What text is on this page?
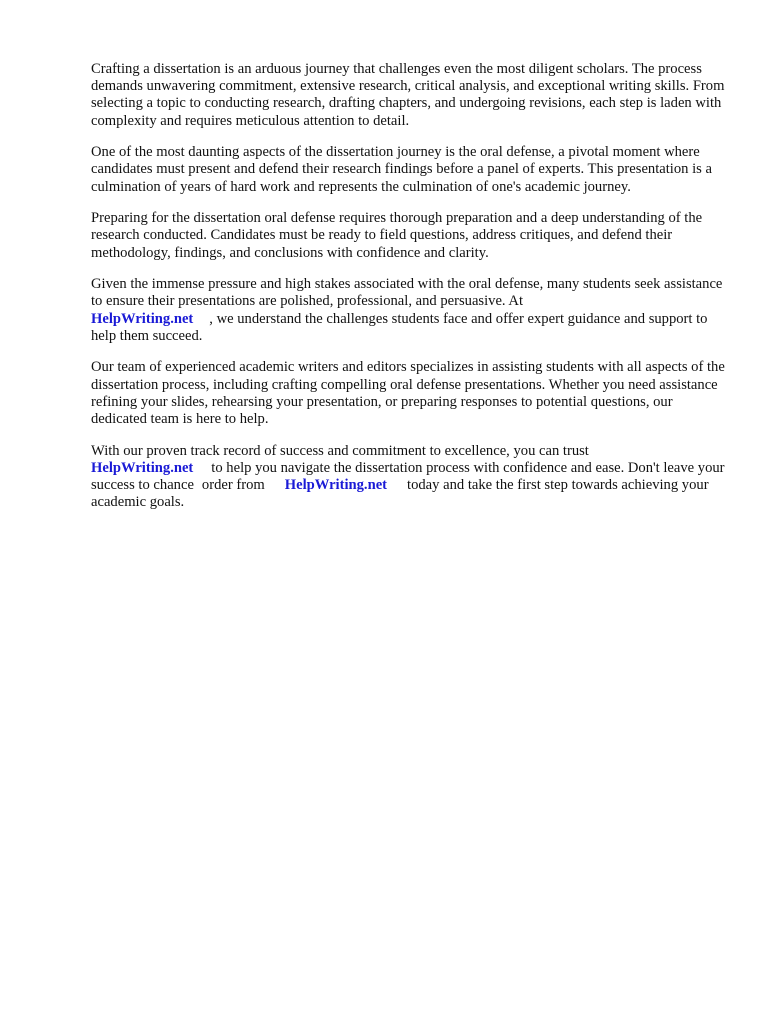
Crafting a dissertation is an arduous journey that challenges even the most diligent scholars. The process demands unwavering commitment, extensive research, critical analysis, and exceptional writing skills. From selecting a topic to conducting research, drafting chapters, and undergoing revisions, each step is laden with complexity and requires meticulous attention to detail.

One of the most daunting aspects of the dissertation journey is the oral defense, a pivotal moment where candidates must present and defend their research findings before a panel of experts. This presentation is a culmination of years of hard work and represents the culmination of one's academic journey.

Preparing for the dissertation oral defense requires thorough preparation and a deep understanding of the research conducted. Candidates must be ready to field questions, address critiques, and defend their methodology, findings, and conclusions with confidence and clarity.

Given the immense pressure and high stakes associated with the oral defense, many students seek assistance to ensure their presentations are polished, professional, and persuasive. At
HelpWriting.net , we understand the challenges students face and offer expert guidance and support to help them succeed.

Our team of experienced academic writers and editors specializes in assisting students with all aspects of the dissertation process, including crafting compelling oral defense presentations. Whether you need assistance refining your slides, rehearsing your presentation, or preparing responses to potential questions, our dedicated team is here to help.

With our proven track record of success and commitment to excellence, you can trust
HelpWriting.net to help you navigate the dissertation process with confidence and ease. Don't leave your success to chance order from HelpWriting.net today and take the first step towards achieving your academic goals.
